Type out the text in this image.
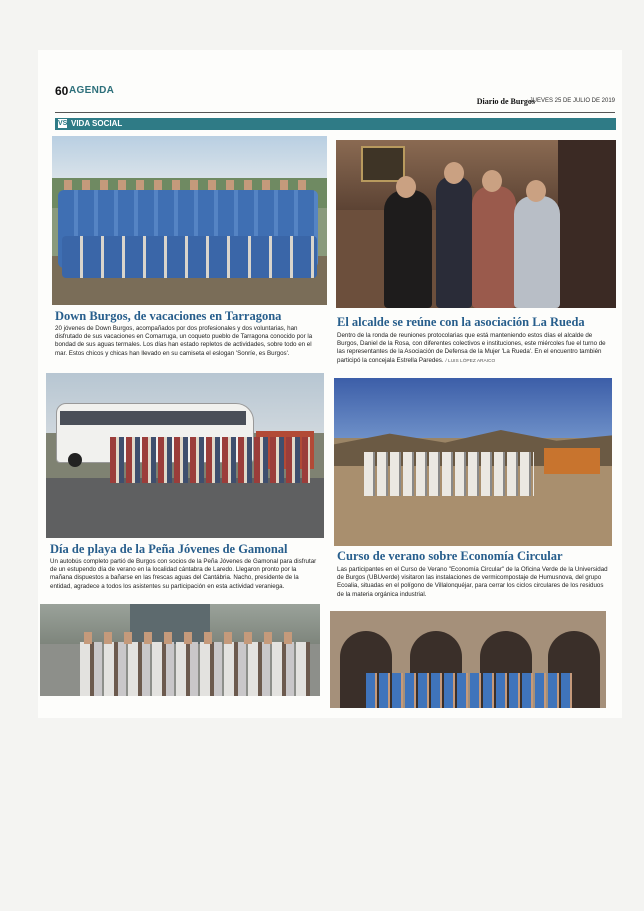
60 AGENDA
Diario de Burgos
JUEVES 25 DE JULIO DE 2019
VS VIDA SOCIAL
Down Burgos, de vacaciones en Tarragona
20 jóvenes de Down Burgos, acompañados por dos profesionales y dos voluntarias, han disfrutado de sus vacaciones en Comarruga, un coqueto pueblo de Tarragona conocido por la bondad de sus aguas termales. Los días han estado repletos de actividades, sobre todo en el mar. Estos chicos y chicas han llevado en su camiseta el eslogan 'Sonríe, es Burgos'.
El alcalde se reúne con la asociación La Rueda
Dentro de la ronda de reuniones protocolarias que está manteniendo estos días el alcalde de Burgos, Daniel de la Rosa, con diferentes colectivos e instituciones, este miércoles fue el turno de las representantes de la Asociación de Defensa de la Mujer 'La Rueda'. En el encuentro también participó la concejala Estrella Paredes. / LUIS LÓPEZ ARAICO
Día de playa de la Peña Jóvenes de Gamonal
Un autobús completo partió de Burgos con socios de la Peña Jóvenes de Gamonal para disfrutar de un estupendo día de verano en la localidad cántabra de Laredo. Llegaron pronto por la mañana dispuestos a bañarse en las frescas aguas del Cantábria. Nacho, presidente de la entidad, agradece a todos los asistentes su participación en esta actividad veraniega.
Curso de verano sobre Economía Circular
Las participantes en el Curso de Verano "Economía Circular" de la Oficina Verde de la Universidad de Burgos (UBUverde) visitaron las instalaciones de vermicompostaje de Humusnova, del grupo Ecoalia, situadas en el polígono de Villalonquéjar, para cerrar los ciclos circulares de los residuos de la materia orgánica industrial.
